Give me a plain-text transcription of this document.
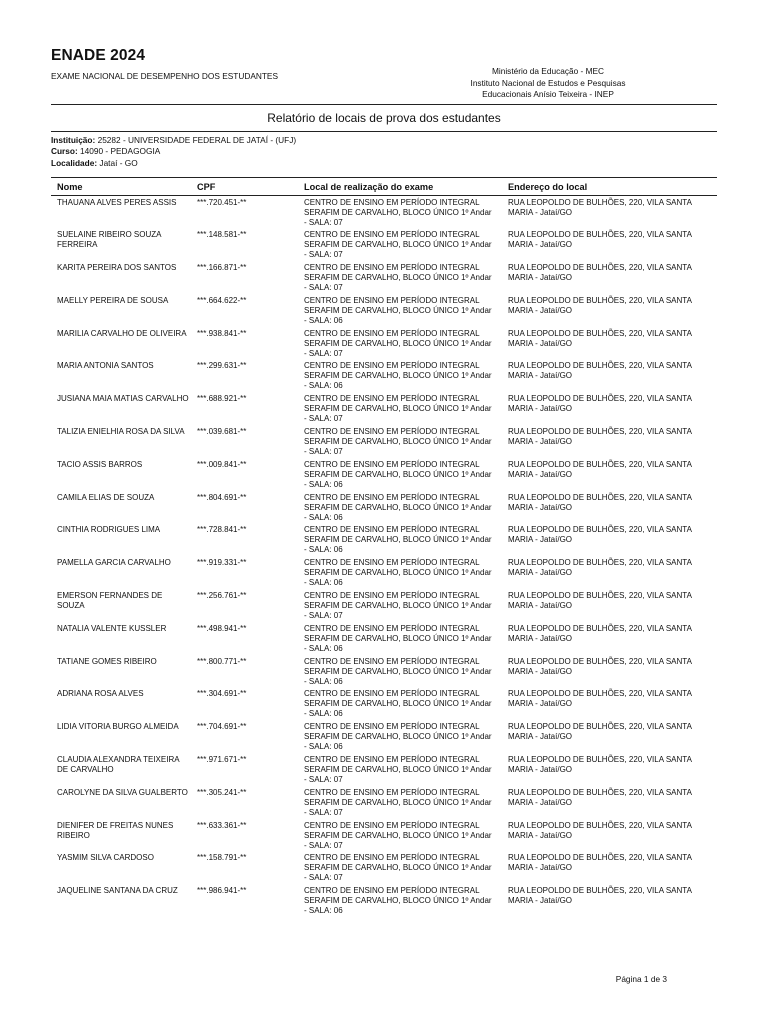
ENADE 2024
EXAME NACIONAL DE DESEMPENHO DOS ESTUDANTES	Ministério da Educação - MEC
Instituto Nacional de Estudos e Pesquisas
Educacionais Anísio Teixeira - INEP
Relatório de locais de prova dos estudantes
Instituição: 25282 - UNIVERSIDADE FEDERAL DE JATAÍ - (UFJ)
Curso: 14090 - PEDAGOGIA
Localidade: Jataí - GO
Nome	CPF	Local de realização do exame	Endereço do local
THAUANA ALVES PERES ASSIS	***.720.451-**	CENTRO DE ENSINO EM PERÍODO INTEGRAL SERAFIM DE CARVALHO, BLOCO ÚNICO 1º Andar - SALA: 07	RUA LEOPOLDO DE BULHÕES, 220, VILA SANTA MARIA - Jataí/GO
SUELAINE RIBEIRO SOUZA FERREIRA	***.148.581-**	CENTRO DE ENSINO EM PERÍODO INTEGRAL SERAFIM DE CARVALHO, BLOCO ÚNICO 1º Andar - SALA: 07	RUA LEOPOLDO DE BULHÕES, 220, VILA SANTA MARIA - Jataí/GO
KARITA PEREIRA DOS SANTOS	***.166.871-**	CENTRO DE ENSINO EM PERÍODO INTEGRAL SERAFIM DE CARVALHO, BLOCO ÚNICO 1º Andar - SALA: 07	RUA LEOPOLDO DE BULHÕES, 220, VILA SANTA MARIA - Jataí/GO
MAELLY PEREIRA DE SOUSA	***.664.622-**	CENTRO DE ENSINO EM PERÍODO INTEGRAL SERAFIM DE CARVALHO, BLOCO ÚNICO 1º Andar - SALA: 06	RUA LEOPOLDO DE BULHÕES, 220, VILA SANTA MARIA - Jataí/GO
MARILIA CARVALHO DE OLIVEIRA	***.938.841-**	CENTRO DE ENSINO EM PERÍODO INTEGRAL SERAFIM DE CARVALHO, BLOCO ÚNICO 1º Andar - SALA: 07	RUA LEOPOLDO DE BULHÕES, 220, VILA SANTA MARIA - Jataí/GO
MARIA ANTONIA SANTOS	***.299.631-**	CENTRO DE ENSINO EM PERÍODO INTEGRAL SERAFIM DE CARVALHO, BLOCO ÚNICO 1º Andar - SALA: 06	RUA LEOPOLDO DE BULHÕES, 220, VILA SANTA MARIA - Jataí/GO
JUSIANA MAIA MATIAS CARVALHO	***.688.921-**	CENTRO DE ENSINO EM PERÍODO INTEGRAL SERAFIM DE CARVALHO, BLOCO ÚNICO 1º Andar - SALA: 07	RUA LEOPOLDO DE BULHÕES, 220, VILA SANTA MARIA - Jataí/GO
TALIZIA ENIELHIA ROSA DA SILVA	***.039.681-**	CENTRO DE ENSINO EM PERÍODO INTEGRAL SERAFIM DE CARVALHO, BLOCO ÚNICO 1º Andar - SALA: 07	RUA LEOPOLDO DE BULHÕES, 220, VILA SANTA MARIA - Jataí/GO
TACIO ASSIS BARROS	***.009.841-**	CENTRO DE ENSINO EM PERÍODO INTEGRAL SERAFIM DE CARVALHO, BLOCO ÚNICO 1º Andar - SALA: 06	RUA LEOPOLDO DE BULHÕES, 220, VILA SANTA MARIA - Jataí/GO
CAMILA ELIAS DE SOUZA	***.804.691-**	CENTRO DE ENSINO EM PERÍODO INTEGRAL SERAFIM DE CARVALHO, BLOCO ÚNICO 1º Andar - SALA: 06	RUA LEOPOLDO DE BULHÕES, 220, VILA SANTA MARIA - Jataí/GO
CINTHIA RODRIGUES LIMA	***.728.841-**	CENTRO DE ENSINO EM PERÍODO INTEGRAL SERAFIM DE CARVALHO, BLOCO ÚNICO 1º Andar - SALA: 06	RUA LEOPOLDO DE BULHÕES, 220, VILA SANTA MARIA - Jataí/GO
PAMELLA GARCIA CARVALHO	***.919.331-**	CENTRO DE ENSINO EM PERÍODO INTEGRAL SERAFIM DE CARVALHO, BLOCO ÚNICO 1º Andar - SALA: 06	RUA LEOPOLDO DE BULHÕES, 220, VILA SANTA MARIA - Jataí/GO
EMERSON FERNANDES DE SOUZA	***.256.761-**	CENTRO DE ENSINO EM PERÍODO INTEGRAL SERAFIM DE CARVALHO, BLOCO ÚNICO 1º Andar - SALA: 07	RUA LEOPOLDO DE BULHÕES, 220, VILA SANTA MARIA - Jataí/GO
NATALIA VALENTE KUSSLER	***.498.941-**	CENTRO DE ENSINO EM PERÍODO INTEGRAL SERAFIM DE CARVALHO, BLOCO ÚNICO 1º Andar - SALA: 06	RUA LEOPOLDO DE BULHÕES, 220, VILA SANTA MARIA - Jataí/GO
TATIANE GOMES RIBEIRO	***.800.771-**	CENTRO DE ENSINO EM PERÍODO INTEGRAL SERAFIM DE CARVALHO, BLOCO ÚNICO 1º Andar - SALA: 06	RUA LEOPOLDO DE BULHÕES, 220, VILA SANTA MARIA - Jataí/GO
ADRIANA ROSA ALVES	***.304.691-**	CENTRO DE ENSINO EM PERÍODO INTEGRAL SERAFIM DE CARVALHO, BLOCO ÚNICO 1º Andar - SALA: 06	RUA LEOPOLDO DE BULHÕES, 220, VILA SANTA MARIA - Jataí/GO
LIDIA VITORIA BURGO ALMEIDA	***.704.691-**	CENTRO DE ENSINO EM PERÍODO INTEGRAL SERAFIM DE CARVALHO, BLOCO ÚNICO 1º Andar - SALA: 06	RUA LEOPOLDO DE BULHÕES, 220, VILA SANTA MARIA - Jataí/GO
CLAUDIA ALEXANDRA TEIXEIRA DE CARVALHO	***.971.671-**	CENTRO DE ENSINO EM PERÍODO INTEGRAL SERAFIM DE CARVALHO, BLOCO ÚNICO 1º Andar - SALA: 07	RUA LEOPOLDO DE BULHÕES, 220, VILA SANTA MARIA - Jataí/GO
CAROLYNE DA SILVA GUALBERTO	***.305.241-**	CENTRO DE ENSINO EM PERÍODO INTEGRAL SERAFIM DE CARVALHO, BLOCO ÚNICO 1º Andar - SALA: 07	RUA LEOPOLDO DE BULHÕES, 220, VILA SANTA MARIA - Jataí/GO
DIENIFER DE FREITAS NUNES RIBEIRO	***.633.361-**	CENTRO DE ENSINO EM PERÍODO INTEGRAL SERAFIM DE CARVALHO, BLOCO ÚNICO 1º Andar - SALA: 07	RUA LEOPOLDO DE BULHÕES, 220, VILA SANTA MARIA - Jataí/GO
YASMIM SILVA CARDOSO	***.158.791-**	CENTRO DE ENSINO EM PERÍODO INTEGRAL SERAFIM DE CARVALHO, BLOCO ÚNICO 1º Andar - SALA: 07	RUA LEOPOLDO DE BULHÕES, 220, VILA SANTA MARIA - Jataí/GO
JAQUELINE SANTANA DA CRUZ	***.986.941-**	CENTRO DE ENSINO EM PERÍODO INTEGRAL SERAFIM DE CARVALHO, BLOCO ÚNICO 1º Andar - SALA: 06	RUA LEOPOLDO DE BULHÕES, 220, VILA SANTA MARIA - Jataí/GO
Página 1 de 3
